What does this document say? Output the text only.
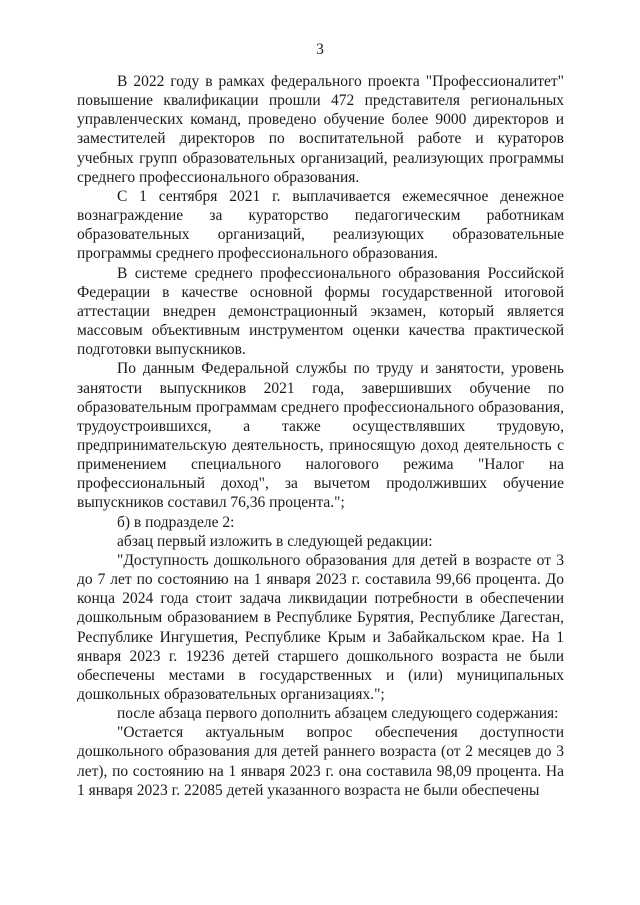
3

В 2022 году в рамках федерального проекта "Профессионалитет" повышение квалификации прошли 472 представителя региональных управленческих команд, проведено обучение более 9000 директоров и заместителей директоров по воспитательной работе и кураторов учебных групп образовательных организаций, реализующих программы среднего профессионального образования.

С 1 сентября 2021 г. выплачивается ежемесячное денежное вознаграждение за кураторство педагогическим работникам образовательных организаций, реализующих образовательные программы среднего профессионального образования.

В системе среднего профессионального образования Российской Федерации в качестве основной формы государственной итоговой аттестации внедрен демонстрационный экзамен, который является массовым объективным инструментом оценки качества практической подготовки выпускников.

По данным Федеральной службы по труду и занятости, уровень занятости выпускников 2021 года, завершивших обучение по образовательным программам среднего профессионального образования, трудоустроившихся, а также осуществлявших трудовую, предпринимательскую деятельность, приносящую доход деятельность с применением специального налогового режима "Налог на профессиональный доход", за вычетом продолживших обучение выпускников составил 76,36 процента.";

б) в подразделе 2:

абзац первый изложить в следующей редакции:

"Доступность дошкольного образования для детей в возрасте от 3 до 7 лет по состоянию на 1 января 2023 г. составила 99,66 процента. До конца 2024 года стоит задача ликвидации потребности в обеспечении дошкольным образованием в Республике Бурятия, Республике Дагестан, Республике Ингушетия, Республике Крым и Забайкальском крае. На 1 января 2023 г. 19236 детей старшего дошкольного возраста не были обеспечены местами в государственных и (или) муниципальных дошкольных образовательных организациях.";

после абзаца первого дополнить абзацем следующего содержания:

"Остается актуальным вопрос обеспечения доступности дошкольного образования для детей раннего возраста (от 2 месяцев до 3 лет), по состоянию на 1 января 2023 г. она составила 98,09 процента. На 1 января 2023 г. 22085 детей указанного возраста не были обеспечены
